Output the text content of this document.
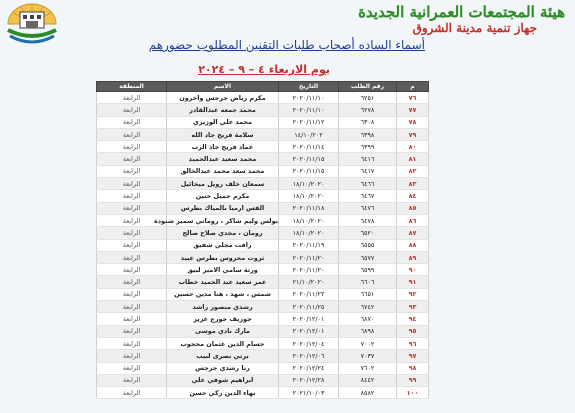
هيئة المجتمعات العمرانية الجديدة
جهاز تنمية مدينة الشروق
أسماء الساده أصحاب طلبات التقنين المطلوب حضورهم
يوم الاربعاء ٤ – ٩ – ٢٠٢٤
م	رقم الطلب	التاريخ	الاسم	المنطقة
٧٦	٦٢٥١	٢٠٢٠/١١/١٠	مكرم رياض جرجس واخرون	الرابعة
٧٧	٦٢٧٨	٢٠٢٠/١١/١٠	محمد جمعه عبدالقادر	الرابعة
٧٨	٦٣٠٨	٢٠٢٠/١١/١٢	محمد علي الوزيري	الرابعة
٧٩	٦٣٩٨	١٤/١٠/٢٠٢	سلامة فريج جاد الله	الرابعة
٨٠	٦٣٩٩	٢٠٢٠/١١/١٤	عماد فريج جاد الرب	الرابعة
٨١	٦٤١٦	٢٠٢٠/١١/١٥	محمد سعيد عبدالحميد	الرابعة
٨٢	٦٤١٧	٢٠٢٠/١١/١٥	محمد سعد محمد عبدالخالق	الرابعة
٨٣	٦٤٦٦	١٨/١٠/٢٠٢٠	سمعان خلف رويل ميخائيل	الرابعة
٨٤	٦٤٦٧	١٨/١٠/٢٠٢٠	مكرم جميل حنين	الرابعة
٨٥	٦٤٧٦	٢٠٢٠/١١/١٨	القس ارميا بالمياك بطرس	الرابعة
٨٦	٦٤٧٨	١٨/١٠/٢٠٢٠	بولس وليم شاكر ، روماني سمير شنودة	الرابعة
٨٧	٦٥٢٠	١٨/١٠/٢٠٢٠	رومان ، مجدي صلاح صالح	الرابعة
٨٨	٦٥٥٥	٢٠٢٠/١١/١٩	رافت مجلي شفيق	الرابعة
٨٩	٦٥٧٧	٢٠٢٠/١١/٢٠	ثروت محروس بطرس عبيد	الرابعة
٩٠	٦٥٩٩	٢٠٢٠/١١/٢٠	ورثة سامي الامير لبيق	الرابعة
٩١	٦٦٠٦	٢١/١٠/٢٠٢٠	عمر سعيد عبد الحميد خطاب	الرابعة
٩٢	٦٦٥١	٢٠٢٠/١١/٢٢	شمس ، شهد ، هنا مدين حسين	الرابعة
٩٣	٦٧٤٢	٢٠٢٠/١١/٢٥	رشدي منصور راشد	الرابعة
٩٤	٦٨٧٠	٢٠٢٠/١٢/٠١	جوزيف جورج عزيز	الرابعة
٩٥	٦٨٩٨	٢٠٢٠/١٢/٠١	مارك نادي موسى	الرابعة
٩٦	٧٠٠٢	٢٠٢٠/١٢/٠٤	حسام الدين عثمان محجوب	الرابعة
٩٧	٧٠٣٧	٢٠٢٠/١٢/٠٦	برتي نصرى لبيب	الرابعة
٩٨	٧٦٠٢	٢٠٢٠/١٢/٢٤	رنا رشدي جرجس	الرابعة
٩٩	٨٤٤٢	٢٠٢٠/١٢/٢٨	ابراهيم شوقي علي	الرابعة
١٠٠	٨٥٨٢	٢٠٢١/١٠/٠٣	بهاء الدين زكي حسن	الرابعة
